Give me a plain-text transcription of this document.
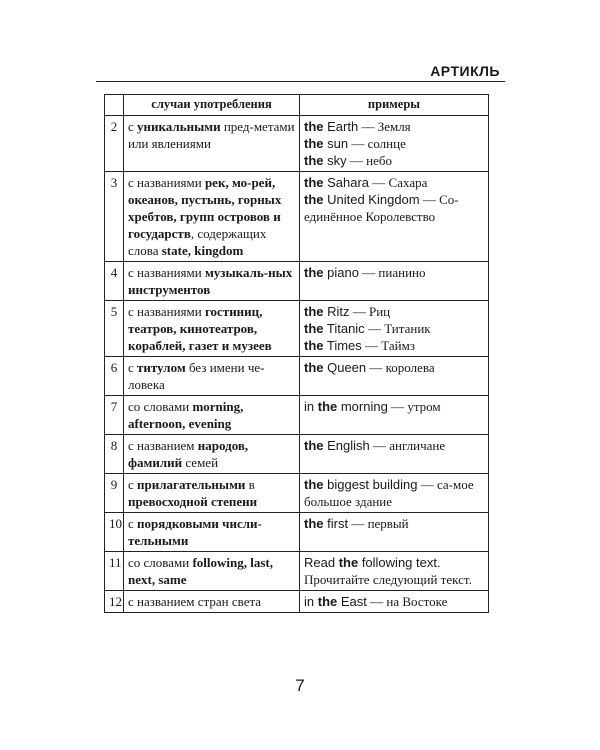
АРТИКЛЬ
	случаи употребления	примеры
2	с уникальными пред-метами или явлениями	the Earth — Земля
the sun — солнце
the sky — небо

3	с названиями рек, мо-рей, океанов, пустынь, горных хребтов, групп островов и государств, содержащих слова state, kingdom	the Sahara — Сахара
the United Kingdom — Со-единённое Королевство

4	с названиями музыкаль-ных инструментов	the piano — пианино

5	с названиями гостиниц, театров, кинотеатров, кораблей, газет и музеев	the Ritz — Риц
the Titanic — Титаник
the Times — Таймз

6	с титулом без имени че-ловека	the Queen — королева

7	со словами morning, afternoon, evening	in the morning — утром

8	с названием народов, фамилий семей	the English — англичане

9	с прилагательными в превосходной степени	the biggest building — са-мое большое здание

10	с порядковыми числи-тельными	the first — первый

11	со словами following, last, next, same	Read the following text.
Прочитайте следующий текст.

12	с названием стран света	in the East — на Востоке
7
